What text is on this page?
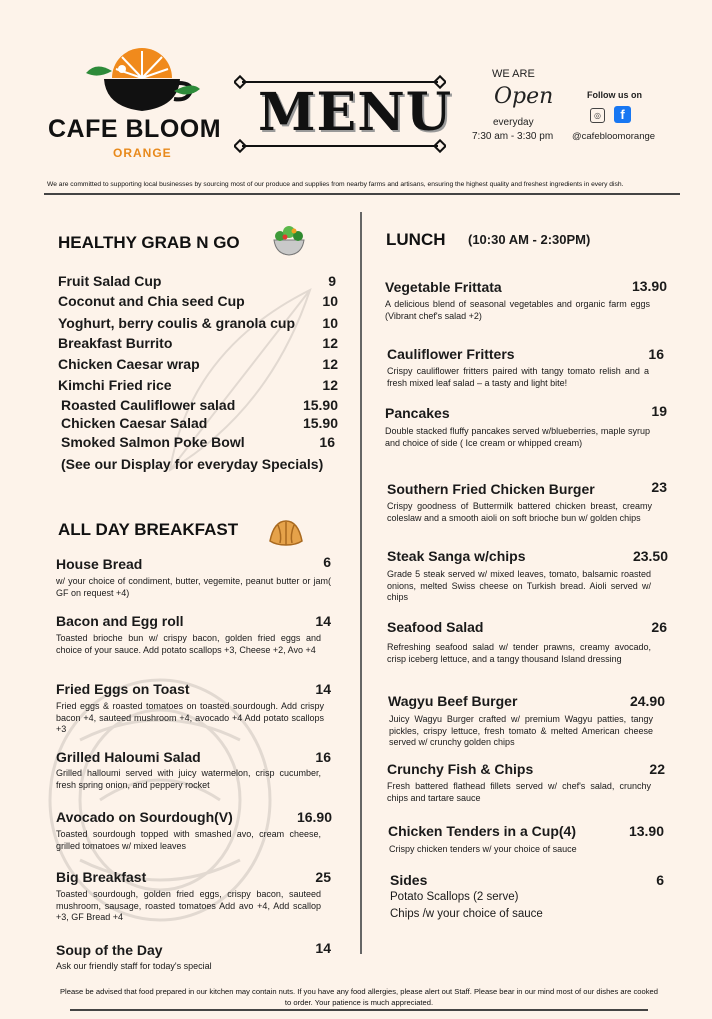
CAFE BLOOM
ORANGE
MENU
WE ARE
Open
everyday
7:30 am - 3:30 pm
Follow us on
◎	f
@cafebloomorange
We are committed to supporting local businesses by sourcing most of our produce and supplies from nearby farms and artisans, ensuring the highest quality and freshest ingredients in every dish.
HEALTHY GRAB N GO
Fruit Salad Cup	9
Coconut and Chia seed Cup	10
Yoghurt, berry coulis & granola cup	10
Breakfast Burrito	12
Chicken Caesar wrap	12
Kimchi Fried rice	12
Roasted Cauliflower salad	15.90
Chicken Caesar Salad	15.90
Smoked Salmon Poke Bowl	16
(See our Display for everyday Specials)
ALL DAY BREAKFAST
House Bread	6
w/ your choice of condiment, butter, vegemite, peanut butter or jam( GF on request +4)
Bacon and Egg roll	14
Toasted brioche bun w/ crispy bacon, golden fried eggs and choice of your sauce. Add potato scallops +3, Cheese +2, Avo +4
Fried Eggs on Toast	14
Fried eggs & roasted tomatoes on toasted sourdough. Add crispy bacon +4, sauteed mushroom +4, avocado +4 Add potato scallops +3
Grilled Haloumi Salad	16
Grilled halloumi served with juicy watermelon, crisp cucumber, fresh spring onion, and peppery rocket
Avocado on Sourdough(V)	16.90
Toasted sourdough topped with smashed avo, cream cheese, grilled tomatoes w/ mixed leaves
Big Breakfast	25
Toasted sourdough, golden fried eggs, crispy bacon, sauteed mushroom, sausage, roasted tomatoes Add avo +4, Add scallop +3, GF Bread +4
Soup of the Day	14
Ask our friendly staff for today's special
LUNCH (10:30 AM - 2:30PM)
Vegetable Frittata	13.90
A delicious blend of seasonal vegetables and organic farm eggs (Vibrant chef's salad +2)
Cauliflower Fritters	16
Crispy cauliflower fritters paired with tangy tomato relish and a fresh mixed leaf salad – a tasty and light bite!
Pancakes	19
Double stacked fluffy pancakes served w/blueberries, maple syrup and choice of side ( Ice cream or whipped cream)
Southern Fried Chicken Burger	23
Crispy goodness of Buttermilk battered chicken breast, creamy coleslaw and a smooth aioli on soft brioche bun w/ golden chips
Steak Sanga w/chips	23.50
Grade 5 steak served w/ mixed leaves, tomato, balsamic roasted onions, melted Swiss cheese on Turkish bread. Aioli served w/ chips
Seafood Salad	26
Refreshing seafood salad w/ tender prawns, creamy avocado, crisp iceberg lettuce, and a tangy thousand Island dressing
Wagyu Beef Burger	24.90
Juicy Wagyu Burger crafted w/ premium Wagyu patties, tangy pickles, crispy lettuce, fresh tomato & melted American cheese served w/ crunchy golden chips
Crunchy Fish & Chips	22
Fresh battered flathead fillets served w/ chef's salad, crunchy chips and tartare sauce
Chicken Tenders in a Cup(4)	13.90
Crispy chicken tenders w/ your choice of sauce
Sides	6
Potato Scallops (2 serve)
Chips /w your choice of sauce
Please be advised that food prepared in our kitchen may contain nuts. If you have any food allergies, please alert out Staff. Please bear in our mind most of our dishes are cooked to order. Your patience is much appreciated.
